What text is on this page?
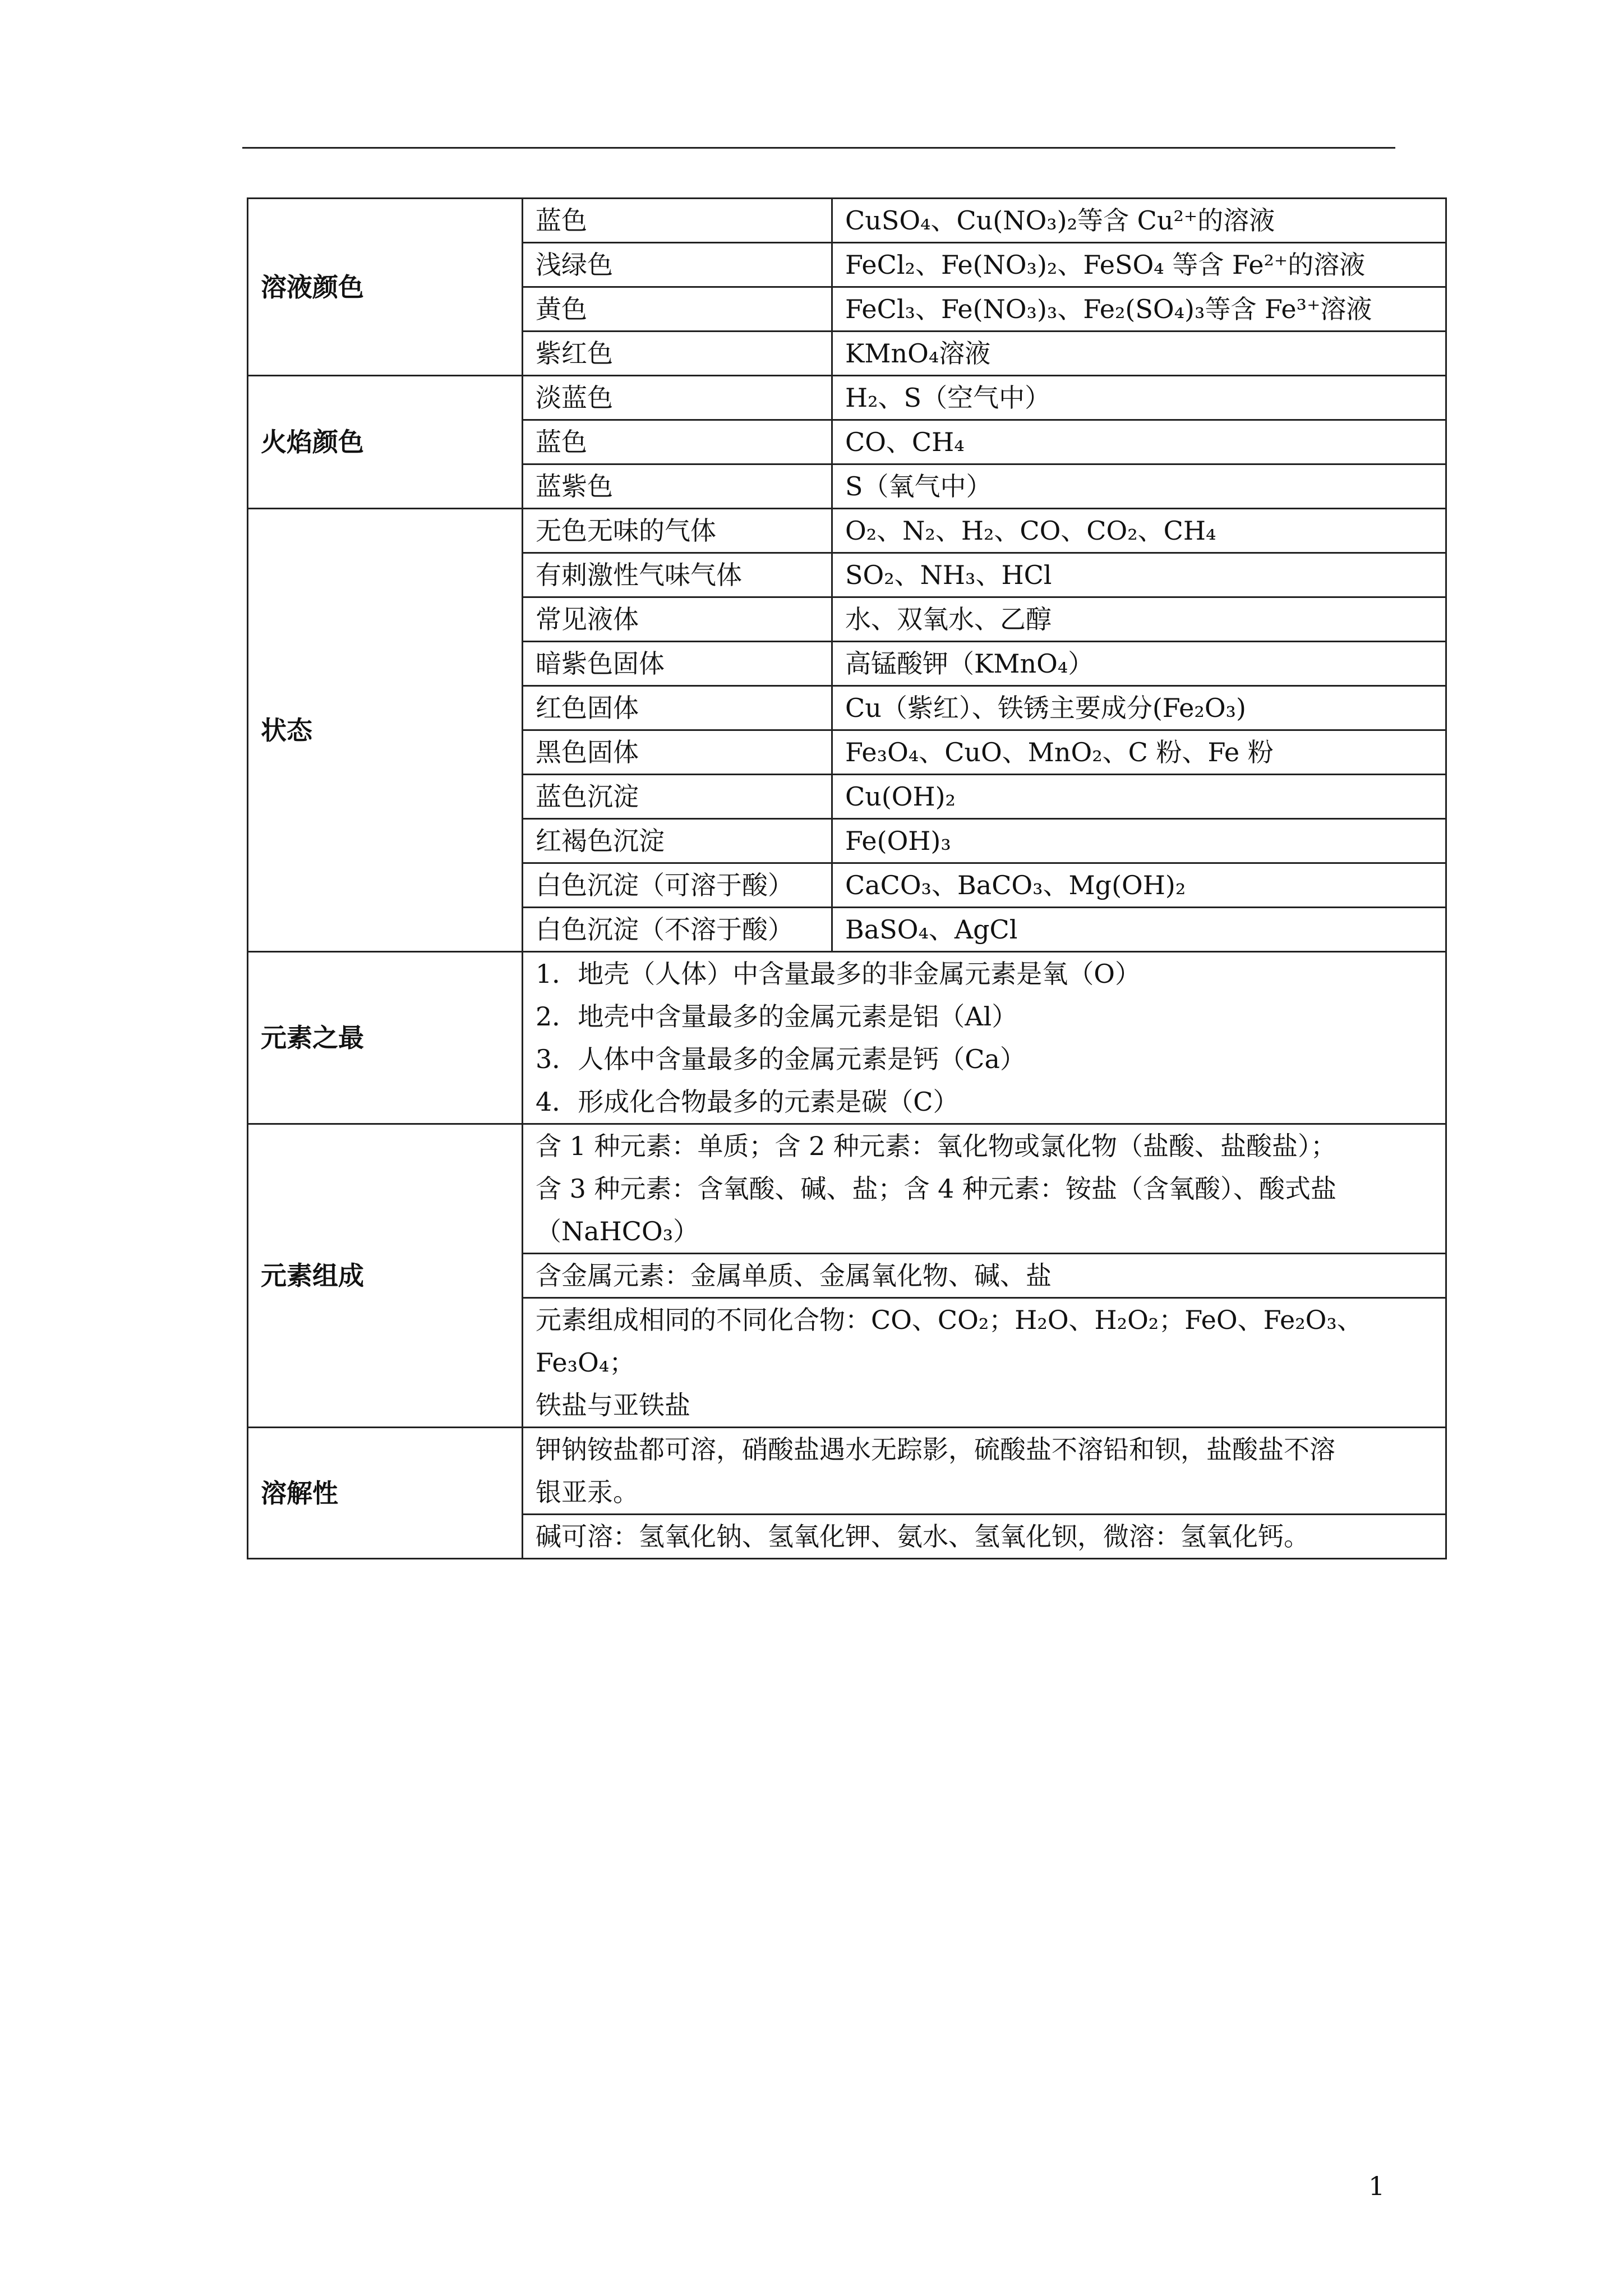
溶液颜色	蓝色	CuSO₄、Cu(NO₃)₂等含 Cu²⁺的溶液
	浅绿色	FeCl₂、Fe(NO₃)₂、FeSO₄ 等含 Fe²⁺的溶液
	黄色	FeCl₃、Fe(NO₃)₃、Fe₂(SO₄)₃等含 Fe³⁺溶液
	紫红色	KMnO₄溶液
火焰颜色	淡蓝色	H₂、S（空气中）
	蓝色	CO、CH₄
	蓝紫色	S（氧气中）
状态	无色无味的气体	O₂、N₂、H₂、CO、CO₂、CH₄
	有刺激性气味气体	SO₂、NH₃、HCl
	常见液体	水、双氧水、乙醇
	暗紫色固体	高锰酸钾（KMnO₄）
	红色固体	Cu（紫红）、铁锈主要成分(Fe₂O₃)
	黑色固体	Fe₃O₄、CuO、MnO₂、C 粉、Fe 粉
	蓝色沉淀	Cu(OH)₂
	红褐色沉淀	Fe(OH)₃
	白色沉淀（可溶于酸）	CaCO₃、BaCO₃、Mg(OH)₂
	白色沉淀（不溶于酸）	BaSO₄、AgCl
元素之最	1．地壳（人体）中含量最多的非金属元素是氧（O）
2．地壳中含量最多的金属元素是铝（Al）
3．人体中含量最多的金属元素是钙（Ca）
4．形成化合物最多的元素是碳（C）	

元素组成	含 1 种元素：单质；含 2 种元素：氧化物或氯化物（盐酸、盐酸盐）；
含 3 种元素：含氧酸、碱、盐；含 4 种元素：铵盐（含氧酸）、酸式盐
（NaHCO₃）	

	含金属元素：金属单质、金属氧化物、碱、盐	

	元素组成相同的不同化合物：CO、CO₂；H₂O、H₂O₂；FeO、Fe₂O₃、Fe₃O₄；
铁盐与亚铁盐	

溶解性	钾钠铵盐都可溶，硝酸盐遇水无踪影，硫酸盐不溶铅和钡，盐酸盐不溶
银亚汞。	

	碱可溶：氢氧化钠、氢氧化钾、氨水、氢氧化钡，微溶：氢氧化钙。	
1
